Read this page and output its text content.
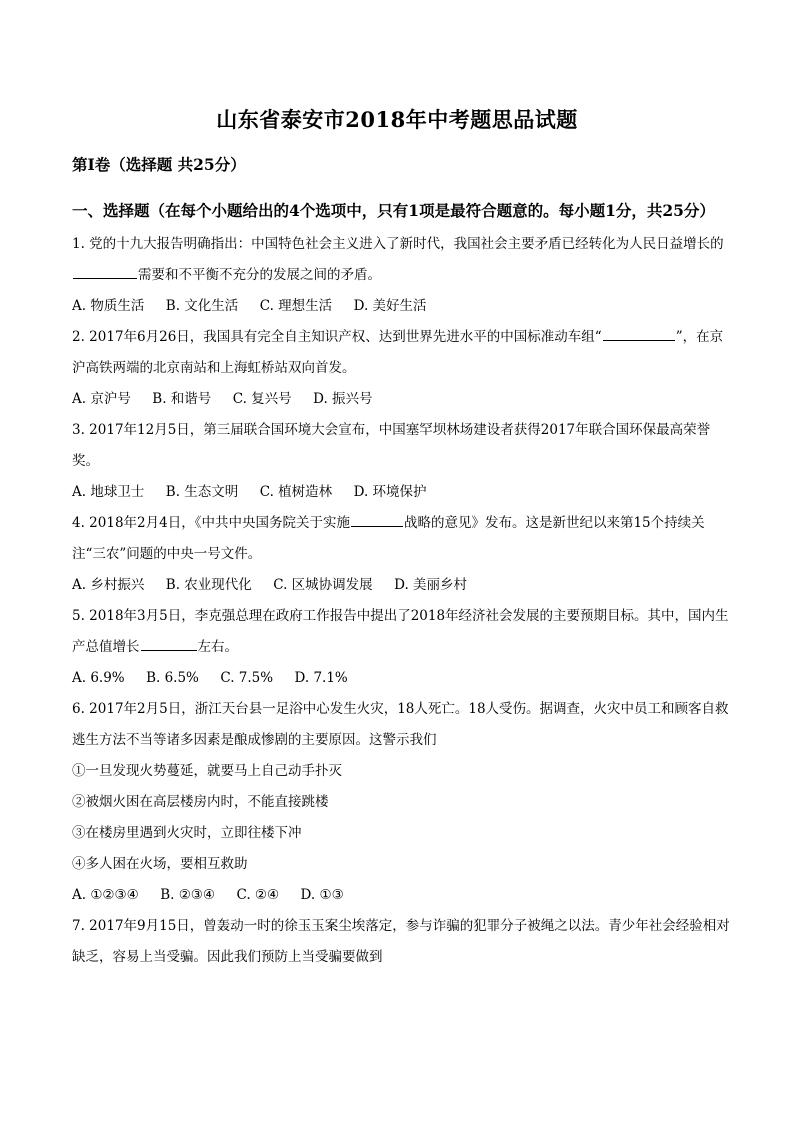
山东省泰安市2018年中考题思品试题
第Ⅰ卷（选择题 共25分）
一、选择题（在每个小题给出的4个选项中，只有1项是最符合题意的。每小题1分，共25分）
1. 党的十九大报告明确指出：中国特色社会主义进入了新时代，我国社会主要矛盾已经转化为人民日益增长的需要和不平衡不充分的发展之间的矛盾。
A. 物质生活     B. 文化生活     C. 理想生活     D. 美好生活
2. 2017年6月26日，我国具有完全自主知识产权、达到世界先进水平的中国标准动车组“	”，在京沪高铁两端的北京南站和上海虹桥站双向首发。
A. 京沪号     B. 和谐号     C. 复兴号     D. 振兴号
3. 2017年12月5日，第三届联合国环境大会宣布，中国塞罕坝林场建设者获得2017年联合国环保最高荣誉奖。
A. 地球卫士     B. 生态文明     C. 植树造林     D. 环境保护
4. 2018年2月4日，《中共中央国务院关于实施	战略的意见》发布。这是新世纪以来第15个持续关注“三农”问题的中央一号文件。
A. 乡村振兴     B. 农业现代化     C. 区城协调发展     D. 美丽乡村
5. 2018年3月5日，李克强总理在政府工作报告中提出了2018年经济社会发展的主要预期目标。其中，国内生产总值增长	左右。
A. 6.9%     B. 6.5%     C. 7.5%     D. 7.1%
6. 2017年2月5日，浙江天台县一足浴中心发生火灾，18人死亡。18人受伤。据调查，火灾中员工和顾客自救逃生方法不当等诸多因素是酿成惨剧的主要原因。这警示我们
①一旦发现火势蔓延，就要马上自己动手扑灭
②被烟火困在高层楼房内时，不能直接跳楼
③在楼房里遇到火灾时，立即往楼下冲
④多人困在火场，要相互救助
A. ①②③④     B. ②③④     C. ②④     D. ①③
7. 2017年9月15日，曾轰动一时的徐玉玉案尘埃落定，参与诈骗的犯罪分子被绳之以法。青少年社会经验相对缺乏，容易上当受骗。因此我们预防上当受骗要做到
